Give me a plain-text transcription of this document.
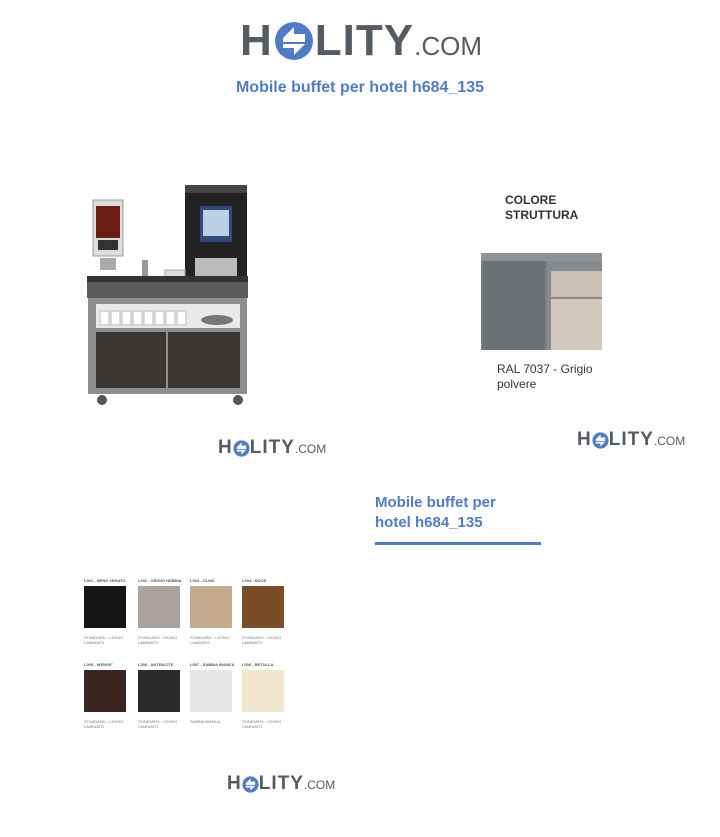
H LITY .COM
Mobile buffet per hotel h684_135
H LITY .COM
COLORE
STRUTTURA
RAL 7037 - Grigio
polvere
H LITY .COM
Mobile buffet per
hotel h684_135
L001 - NERO VENATO
STANDARD - LEGNO LAMINATO
L002 - GRIGIO NEBBIA
STANDARD - LEGNO LAMINATO
L003 - OLMO
STANDARD - LEGNO LAMINATO
L004 - NOCE
STANDARD - LEGNO LAMINATO
L005 - WENGE'
STANDARD - LEGNO LAMINATO
L006 - ANTRACITE
STANDARD - LEGNO LAMINATO
L007 - SABBIA BIANCA
SABBIA BIANCA
L008 - BETULLA
STANDARD - LEGNO LAMINATO
H LITY .COM
